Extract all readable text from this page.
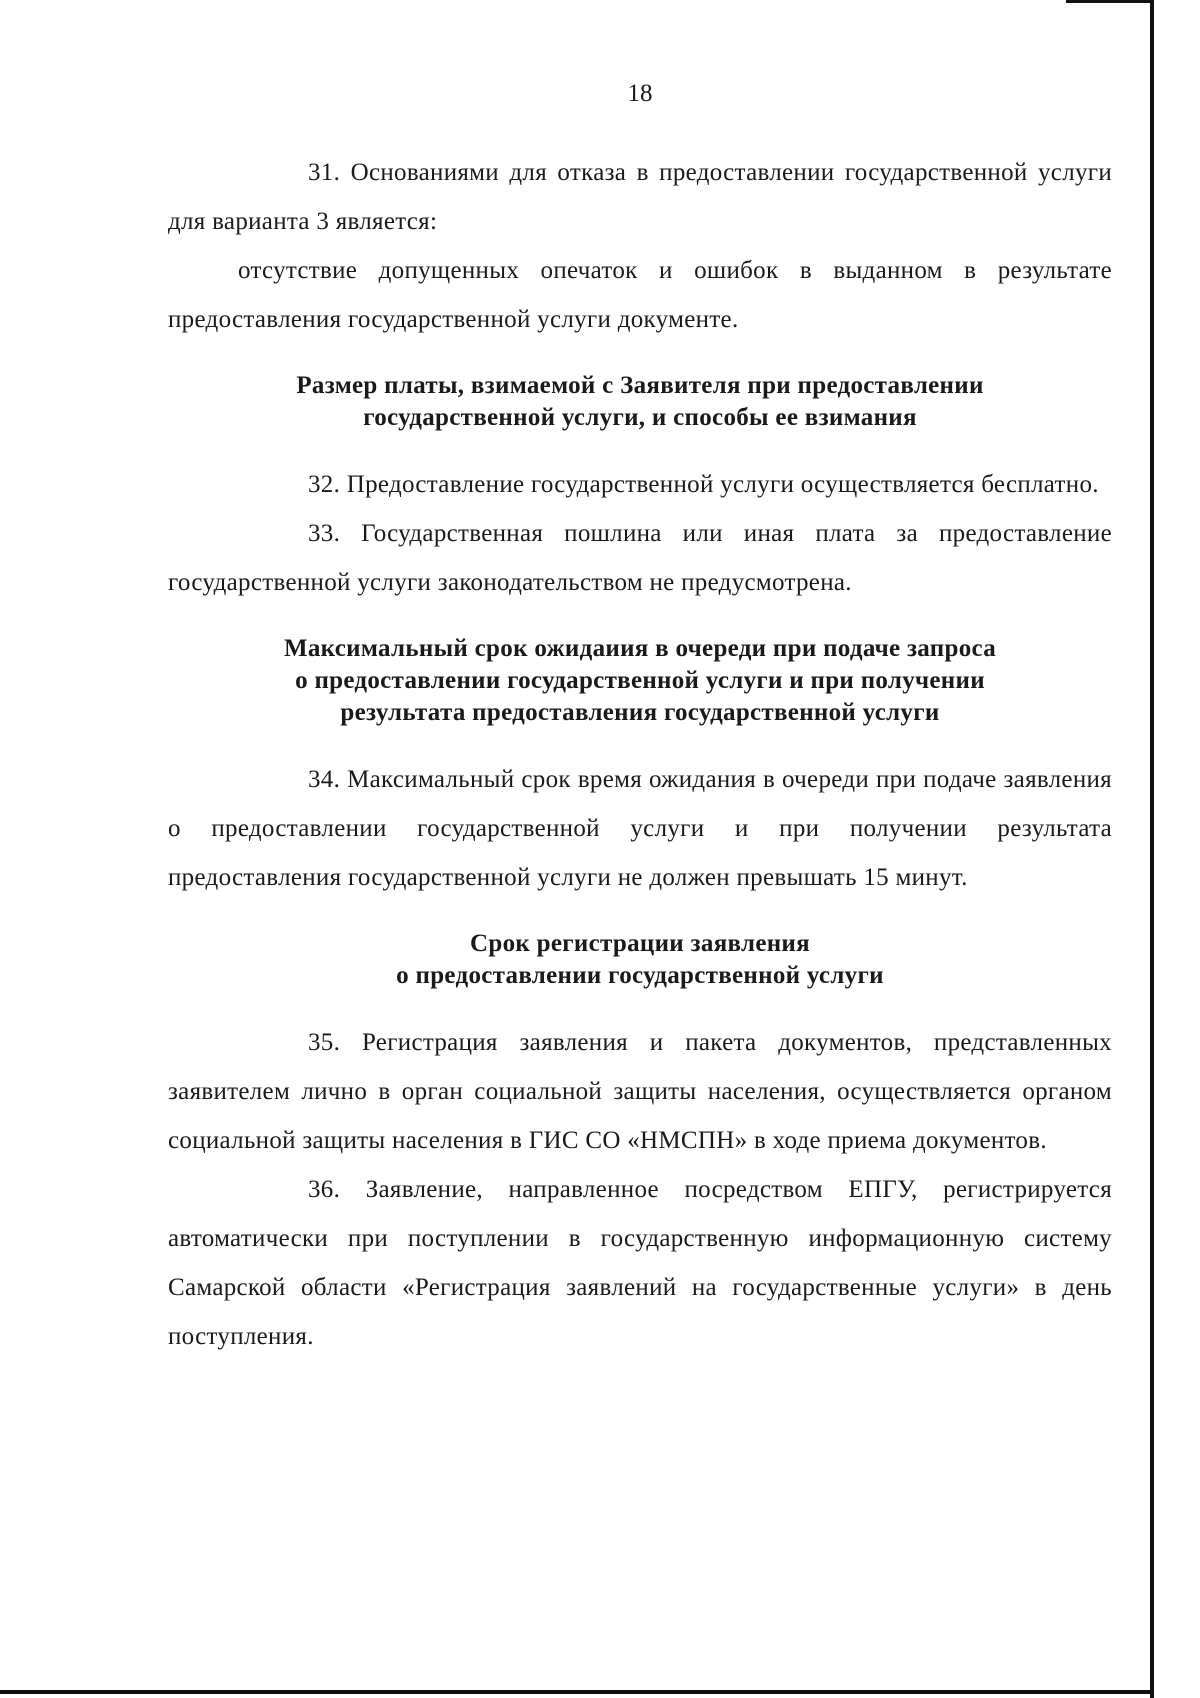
18

31. Основаниями для отказа в предоставлении государственной услуги для варианта 3 является:

отсутствие допущенных опечаток и ошибок в выданном в результате предоставления государственной услуги документе.

Размер платы, взимаемой с Заявителя при предоставлении
государственной услуги, и способы ее взимания

32. Предоставление государственной услуги осуществляется бесплатно.

33. Государственная пошлина или иная плата за предоставление государственной услуги законодательством не предусмотрена.

Максимальный срок ожидаиия в очереди при подаче запроса
о предоставлении государственной услуги и при получении
результата предоставления государственной услуги

34. Максимальный срок время ожидания в очереди при подаче заявления о предоставлении государственной услуги и при получении результата предоставления государственной услуги не должен превышать 15 минут.

Срок регистрации заявления
о предоставлении государственной услуги

35. Регистрация заявления и пакета документов, представленных заявителем лично в орган социальной защиты населения, осуществляется органом социальной защиты населения в ГИС СО «НМСПН» в ходе приема документов.

36. Заявление, направленное посредством ЕПГУ, регистрируется автоматически при поступлении в государственную информационную систему Самарской области «Регистрация заявлений на государственные услуги» в день поступления.
